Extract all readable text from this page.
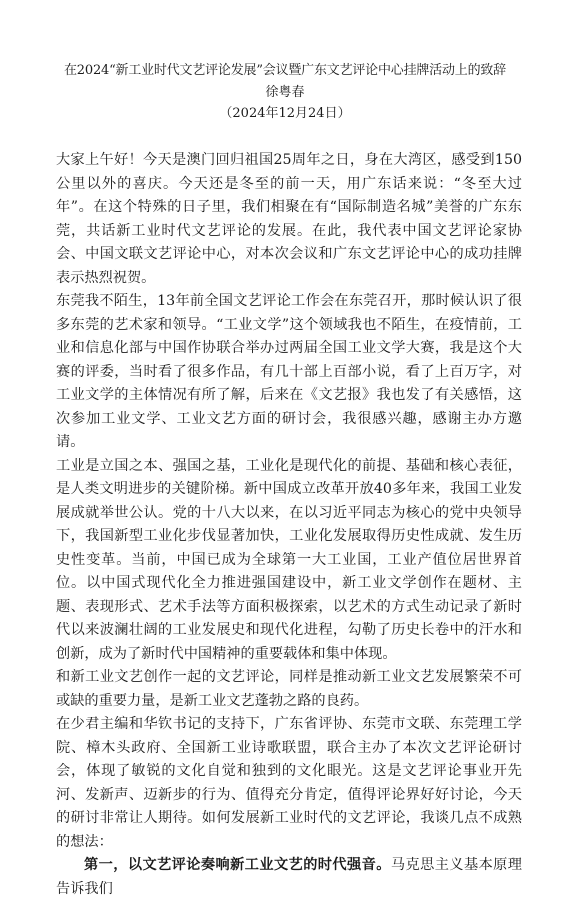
在2024“新工业时代文艺评论发展”会议暨广东文艺评论中心挂牌活动上的致辞
徐粤春
（2024年12月24日）

大家上午好！今天是澳门回归祖国25周年之日，身在大湾区，感受到150公里以外的喜庆。今天还是冬至的前一天，用广东话来说：“冬至大过年”。在这个特殊的日子里，我们相聚在有“国际制造名城”美誉的广东东莞，共话新工业时代文艺评论的发展。在此，我代表中国文艺评论家协会、中国文联文艺评论中心，对本次会议和广东文艺评论中心的成功挂牌表示热烈祝贺。

东莞我不陌生，13年前全国文艺评论工作会在东莞召开，那时候认识了很多东莞的艺术家和领导。“工业文学”这个领域我也不陌生，在疫情前，工业和信息化部与中国作协联合举办过两届全国工业文学大赛，我是这个大赛的评委，当时看了很多作品，有几十部上百部小说，看了上百万字，对工业文学的主体情况有所了解，后来在《文艺报》我也发了有关感悟，这次参加工业文学、工业文艺方面的研讨会，我很感兴趣，感谢主办方邀请。

工业是立国之本、强国之基，工业化是现代化的前提、基础和核心表征，是人类文明进步的关键阶梯。新中国成立改革开放40多年来，我国工业发展成就举世公认。党的十八大以来，在以习近平同志为核心的党中央领导下，我国新型工业化步伐显著加快，工业化发展取得历史性成就、发生历史性变革。当前，中国已成为全球第一大工业国，工业产值位居世界首位。以中国式现代化全力推进强国建设中，新工业文学创作在题材、主题、表现形式、艺术手法等方面积极探索，以艺术的方式生动记录了新时代以来波澜壮阔的工业发展史和现代化进程，勾勒了历史长卷中的汗水和创新，成为了新时代中国精神的重要载体和集中体现。

和新工业文艺创作一起的文艺评论，同样是推动新工业文艺发展繁荣不可或缺的重要力量，是新工业文艺蓬勃之路的良药。

在少君主编和华钦书记的支持下，广东省评协、东莞市文联、东莞理工学院、樟木头政府、全国新工业诗歌联盟，联合主办了本次文艺评论研讨会，体现了敏锐的文化自觉和独到的文化眼光。这是文艺评论事业开先河、发新声、迈新步的行为、值得充分肯定，值得评论界好好讨论，今天的研讨非常让人期待。如何发展新工业时代的文艺评论，我谈几点不成熟的想法：

第一，以文艺评论奏响新工业文艺的时代强音。马克思主义基本原理告诉我们
